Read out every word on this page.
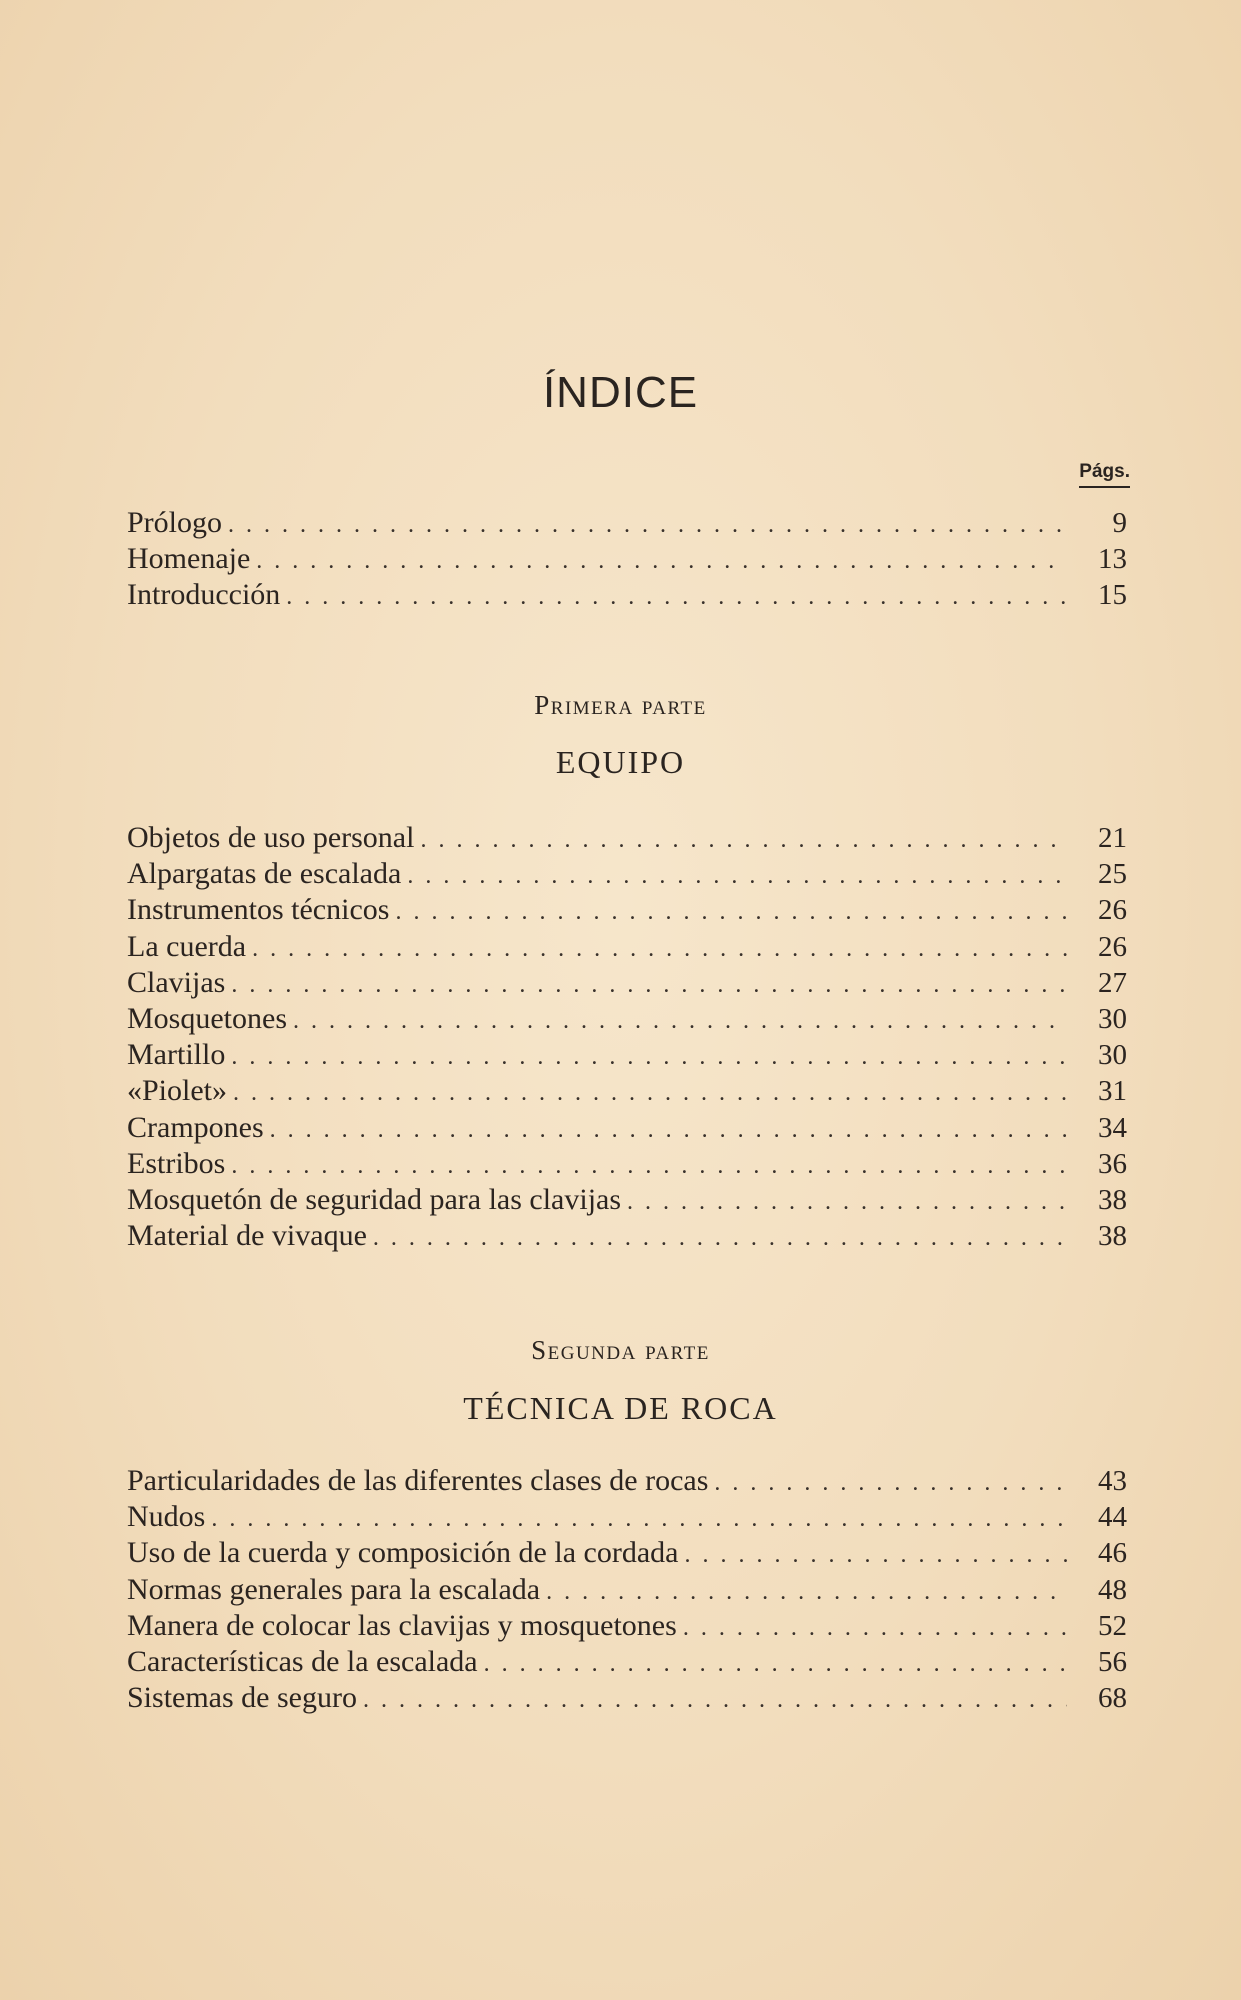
ÍNDICE
Págs.
Prólogo . . .	9
Homenaje . . .	13
Introducción . . .	15
Primera parte
EQUIPO
Objetos de uso personal . . .	21
Alpargatas de escalada . . .	25
Instrumentos técnicos . . .	26
La cuerda . . .	26
Clavijas . . .	27
Mosquetones . . .	30
Martillo . . .	30
«Piolet» . . .	31
Crampones . . .	34
Estribos . . .	36
Mosquetón de seguridad para las clavijas . . .	38
Material de vivaque . . .	38
Segunda parte
TÉCNICA DE ROCA
Particularidades de las diferentes clases de rocas . . .	43
Nudos . . .	44
Uso de la cuerda y composición de la cordada . . .	46
Normas generales para la escalada . . .	48
Manera de colocar las clavijas y mosquetones . . .	52
Características de la escalada . . .	56
Sistemas de seguro . . .	68
